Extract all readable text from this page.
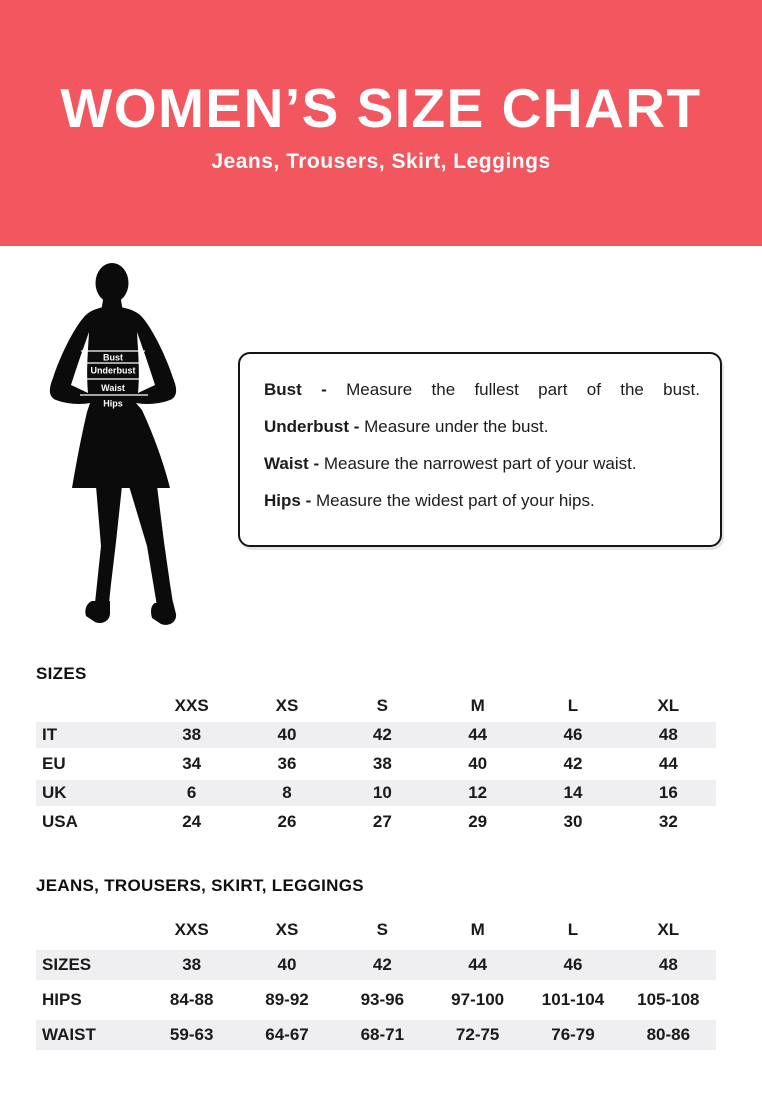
WOMEN’S SIZE CHART
Jeans, Trousers, Skirt, Leggings
Bust
Underbust
Waist
Hips

Bust - Measure the fullest part of the bust.

Underbust - Measure under the bust.

Waist - Measure the narrowest part of your waist.

Hips - Measure the widest part of your hips.

SIZES
	XXS	XS	S	M	L	XL
IT	38	40	42	44	46	48
EU	34	36	38	40	42	44
UK	6	8	10	12	14	16
USA	24	26	27	29	30	32
JEANS, TROUSERS, SKIRT, LEGGINGS
	XXS	XS	S	M	L	XL
SIZES	38	40	42	44	46	48
HIPS	84-88	89-92	93-96	97-100	101-104	105-108
WAIST	59-63	64-67	68-71	72-75	76-79	80-86
